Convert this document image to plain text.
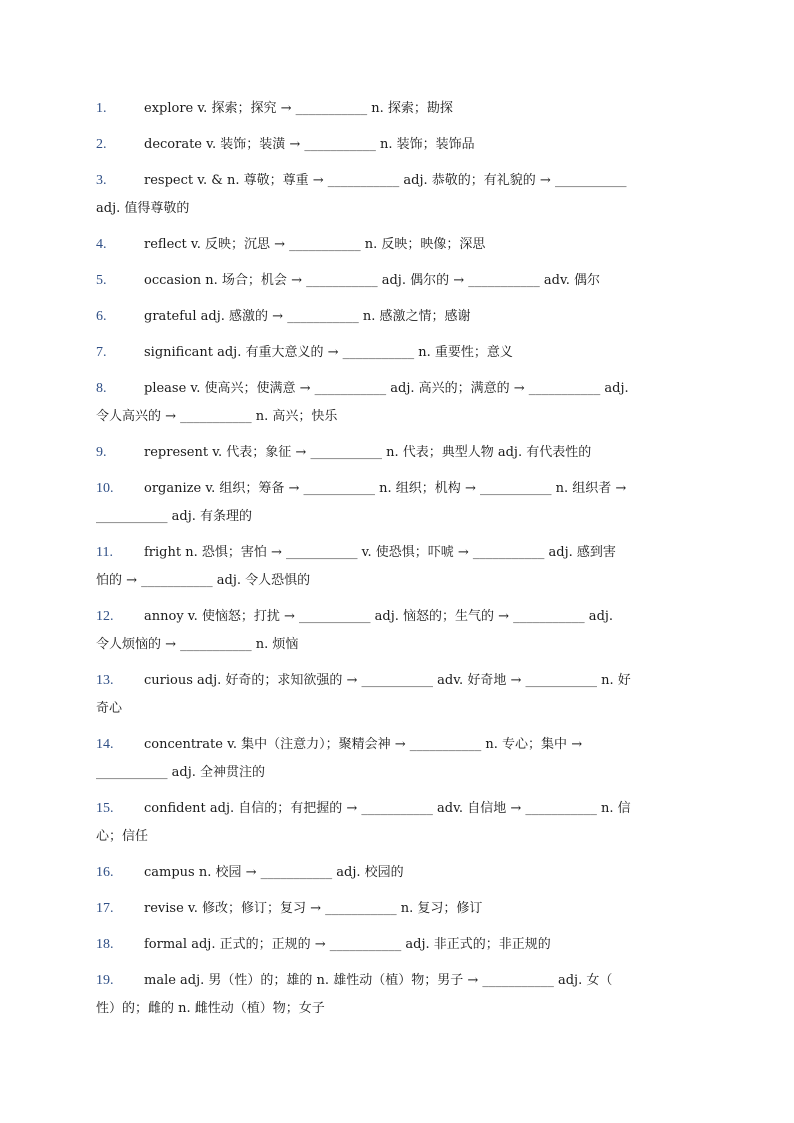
1.	explore v. 探索；探究 → ___________ n. 探索；勘探
2.	decorate v. 装饰；装潢 → ___________ n. 装饰；装饰品
3.	respect v. & n. 尊敬；尊重 → ___________ adj. 恭敬的；有礼貌的 → ___________
adj. 值得尊敬的
4.	reflect v. 反映；沉思 → ___________ n. 反映；映像；深思
5.	occasion n. 场合；机会 → ___________ adj. 偶尔的 → ___________ adv. 偶尔
6.	grateful adj. 感激的 → ___________ n. 感激之情；感谢
7.	significant adj. 有重大意义的 → ___________ n. 重要性；意义
8.	please v. 使高兴；使满意 → ___________ adj. 高兴的；满意的 → ___________ adj.
令人高兴的 → ___________ n. 高兴；快乐
9.	represent v. 代表；象征 → ___________ n. 代表；典型人物 adj. 有代表性的
10. organize v. 组织；筹备 → ___________ n. 组织；机构 → ___________ n. 组织者 →
___________ adj. 有条理的
11. fright n. 恐惧；害怕 → ___________ v. 使恐惧；吓唬 → ___________ adj. 感到害
怕的 → ___________ adj. 令人恐惧的
12. annoy v. 使恼怒；打扰 → ___________ adj. 恼怒的；生气的 → ___________ adj.
令人烦恼的 → ___________ n. 烦恼
13. curious adj. 好奇的；求知欲强的 → ___________ adv. 好奇地 → ___________ n. 好
奇心
14. concentrate v. 集中（注意力）；聚精会神 → ___________ n. 专心；集中 →
___________ adj. 全神贯注的
15. confident adj. 自信的；有把握的 → ___________ adv. 自信地 → ___________ n. 信
心；信任
16. campus n. 校园 → ___________ adj. 校园的
17. revise v. 修改；修订；复习 → ___________ n. 复习；修订
18. formal adj. 正式的；正规的 → ___________ adj. 非正式的；非正规的
19. male adj. 男（性）的；雄的 n. 雄性动（植）物；男子 → ___________ adj. 女（
性）的；雌的 n. 雌性动（植）物；女子
